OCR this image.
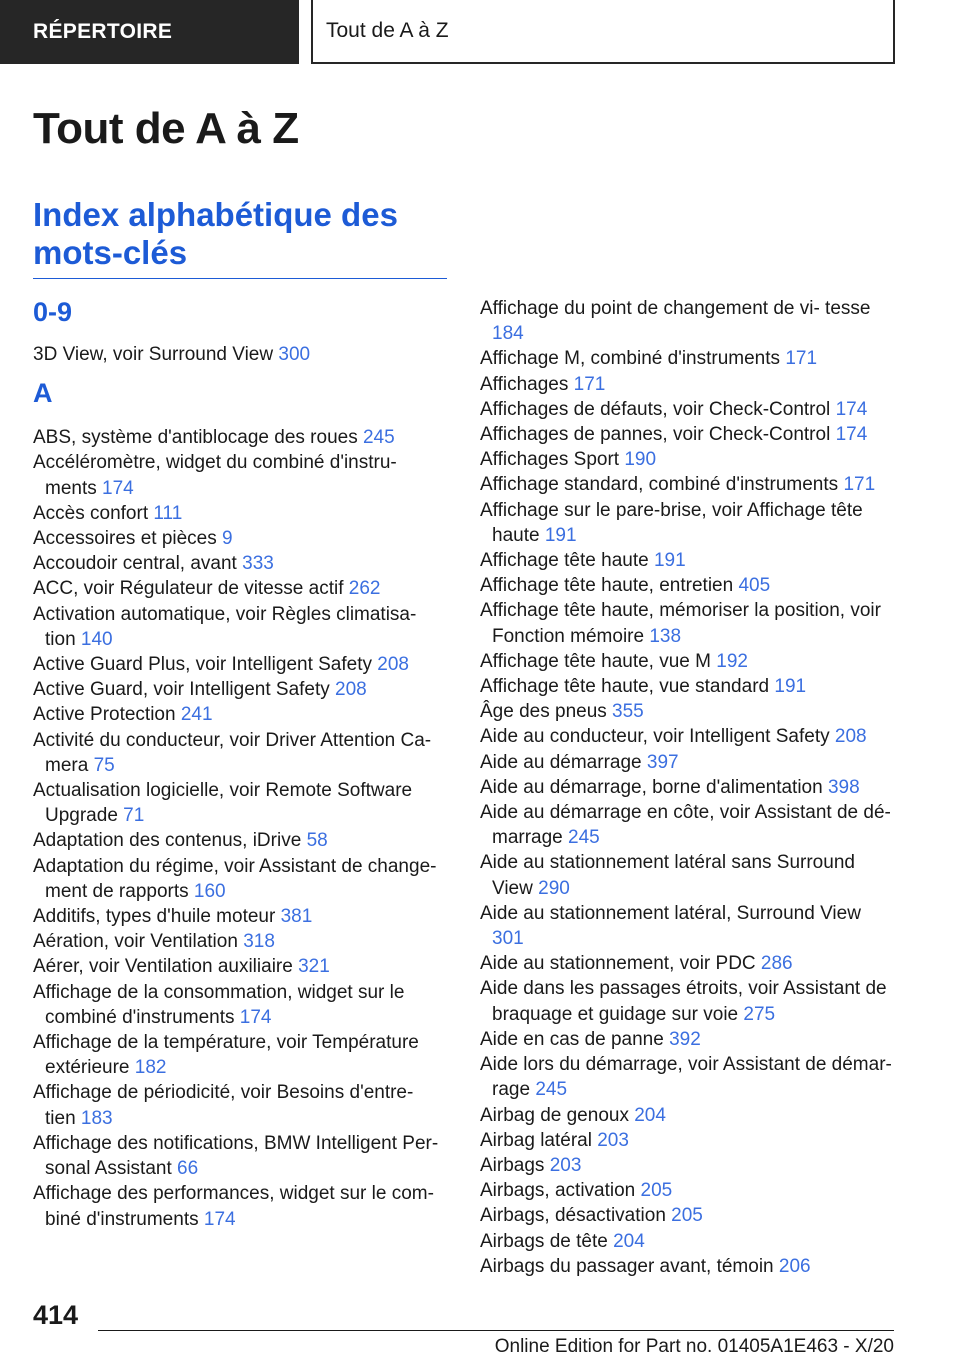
RÉPERTOIRE	Tout de A à Z
Tout de A à Z
Index alphabétique des mots-clés
0-9
3D View, voir Surround View 300
A
ABS, système d'antiblocage des roues 245
Accéléromètre, widget du combiné d'instru- ments 174
Accès confort 111
Accessoires et pièces 9
Accoudoir central, avant 333
ACC, voir Régulateur de vitesse actif 262
Activation automatique, voir Règles climatisa- tion 140
Active Guard Plus, voir Intelligent Safety 208
Active Guard, voir Intelligent Safety 208
Active Protection 241
Activité du conducteur, voir Driver Attention Ca- mera 75
Actualisation logicielle, voir Remote Software Upgrade 71
Adaptation des contenus, iDrive 58
Adaptation du régime, voir Assistant de change- ment de rapports 160
Additifs, types d'huile moteur 381
Aération, voir Ventilation 318
Aérer, voir Ventilation auxiliaire 321
Affichage de la consommation, widget sur le combiné d'instruments 174
Affichage de la température, voir Température extérieure 182
Affichage de périodicité, voir Besoins d'entre- tien 183
Affichage des notifications, BMW Intelligent Per- sonal Assistant 66
Affichage des performances, widget sur le com- biné d'instruments 174
Affichage du point de changement de vi- tesse 184
Affichage M, combiné d'instruments 171
Affichages 171
Affichages de défauts, voir Check-Control 174
Affichages de pannes, voir Check-Control 174
Affichages Sport 190
Affichage standard, combiné d'instruments 171
Affichage sur le pare-brise, voir Affichage tête haute 191
Affichage tête haute 191
Affichage tête haute, entretien 405
Affichage tête haute, mémoriser la position, voir Fonction mémoire 138
Affichage tête haute, vue M 192
Affichage tête haute, vue standard 191
Âge des pneus 355
Aide au conducteur, voir Intelligent Safety 208
Aide au démarrage 397
Aide au démarrage, borne d'alimentation 398
Aide au démarrage en côte, voir Assistant de dé- marrage 245
Aide au stationnement latéral sans Surround View 290
Aide au stationnement latéral, Surround View 301
Aide au stationnement, voir PDC 286
Aide dans les passages étroits, voir Assistant de braquage et guidage sur voie 275
Aide en cas de panne 392
Aide lors du démarrage, voir Assistant de démar- rage 245
Airbag de genoux 204
Airbag latéral 203
Airbags 203
Airbags, activation 205
Airbags, désactivation 205
Airbags de tête 204
Airbags du passager avant, témoin 206
414
Online Edition for Part no. 01405A1E463 - X/20
